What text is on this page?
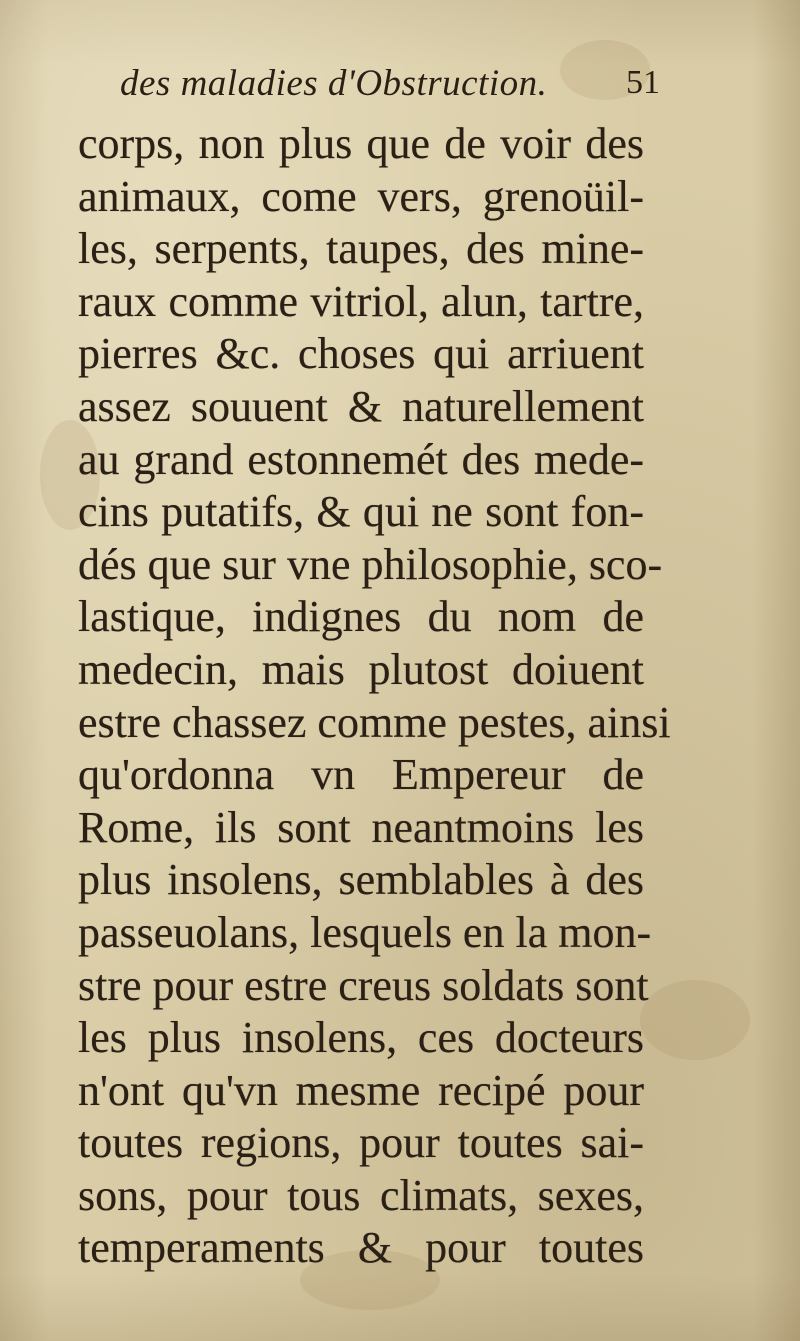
des maladies d'Obstruction. 51
corps, non plus que de voir des
animaux, come vers, grenoüil-
les, serpents, taupes, des mine-
raux comme vitriol, alun, tartre,
pierres &c. choses qui arriuent
assez souuent & naturellement
au grand estonnemét des mede-
cins putatifs, & qui ne sont fon-
dés que sur vne philosophie, sco-
lastique, indignes du nom de
medecin, mais plutost doiuent
estre chassez comme pestes, ainsi
qu'ordonna vn Empereur de
Rome, ils sont neantmoins les
plus insolens, semblables à des
passeuolans, lesquels en la mon-
stre pour estre creus soldats sont
les plus insolens, ces docteurs
n'ont qu'vn mesme recipé pour
toutes regions, pour toutes sai-
sons, pour tous climats, sexes,
temperaments & pour toutes
